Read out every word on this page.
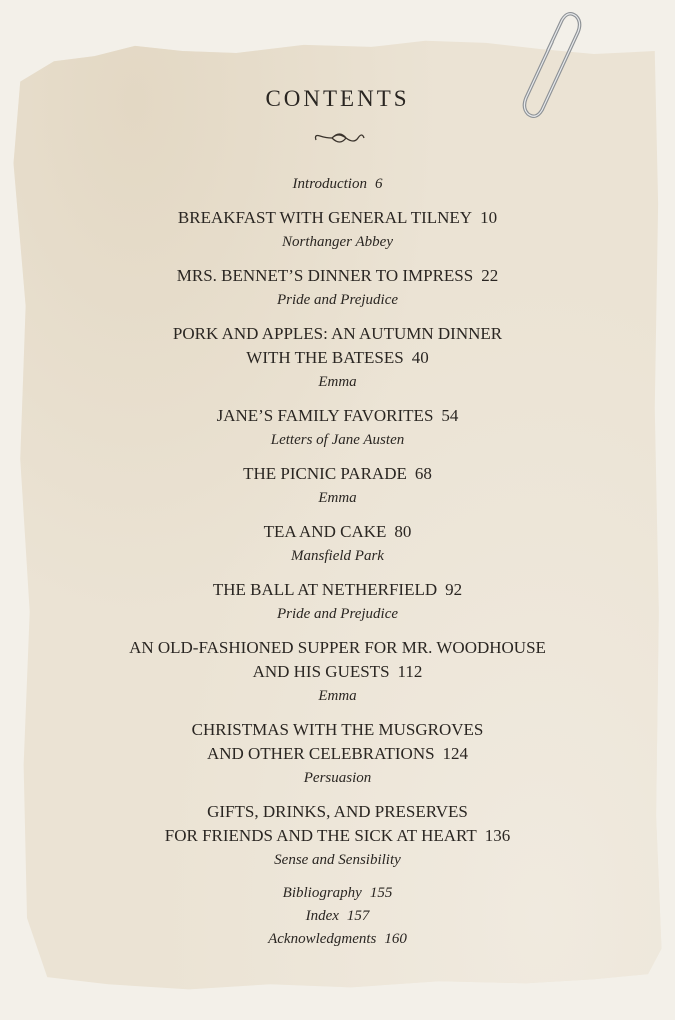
CONTENTS
Introduction 6
BREAKFAST WITH GENERAL TILNEY 10
Northanger Abbey
MRS. BENNET’S DINNER TO IMPRESS 22
Pride and Prejudice
PORK AND APPLES: AN AUTUMN DINNER
WITH THE BATESES 40
Emma
JANE’S FAMILY FAVORITES 54
Letters of Jane Austen
THE PICNIC PARADE 68
Emma
TEA AND CAKE 80
Mansfield Park
THE BALL AT NETHERFIELD 92
Pride and Prejudice
AN OLD-FASHIONED SUPPER FOR MR. WOODHOUSE
AND HIS GUESTS 112
Emma
CHRISTMAS WITH THE MUSGROVES
AND OTHER CELEBRATIONS 124
Persuasion
GIFTS, DRINKS, AND PRESERVES
FOR FRIENDS AND THE SICK AT HEART 136
Sense and Sensibility
Bibliography 155
Index 157
Acknowledgments 160
